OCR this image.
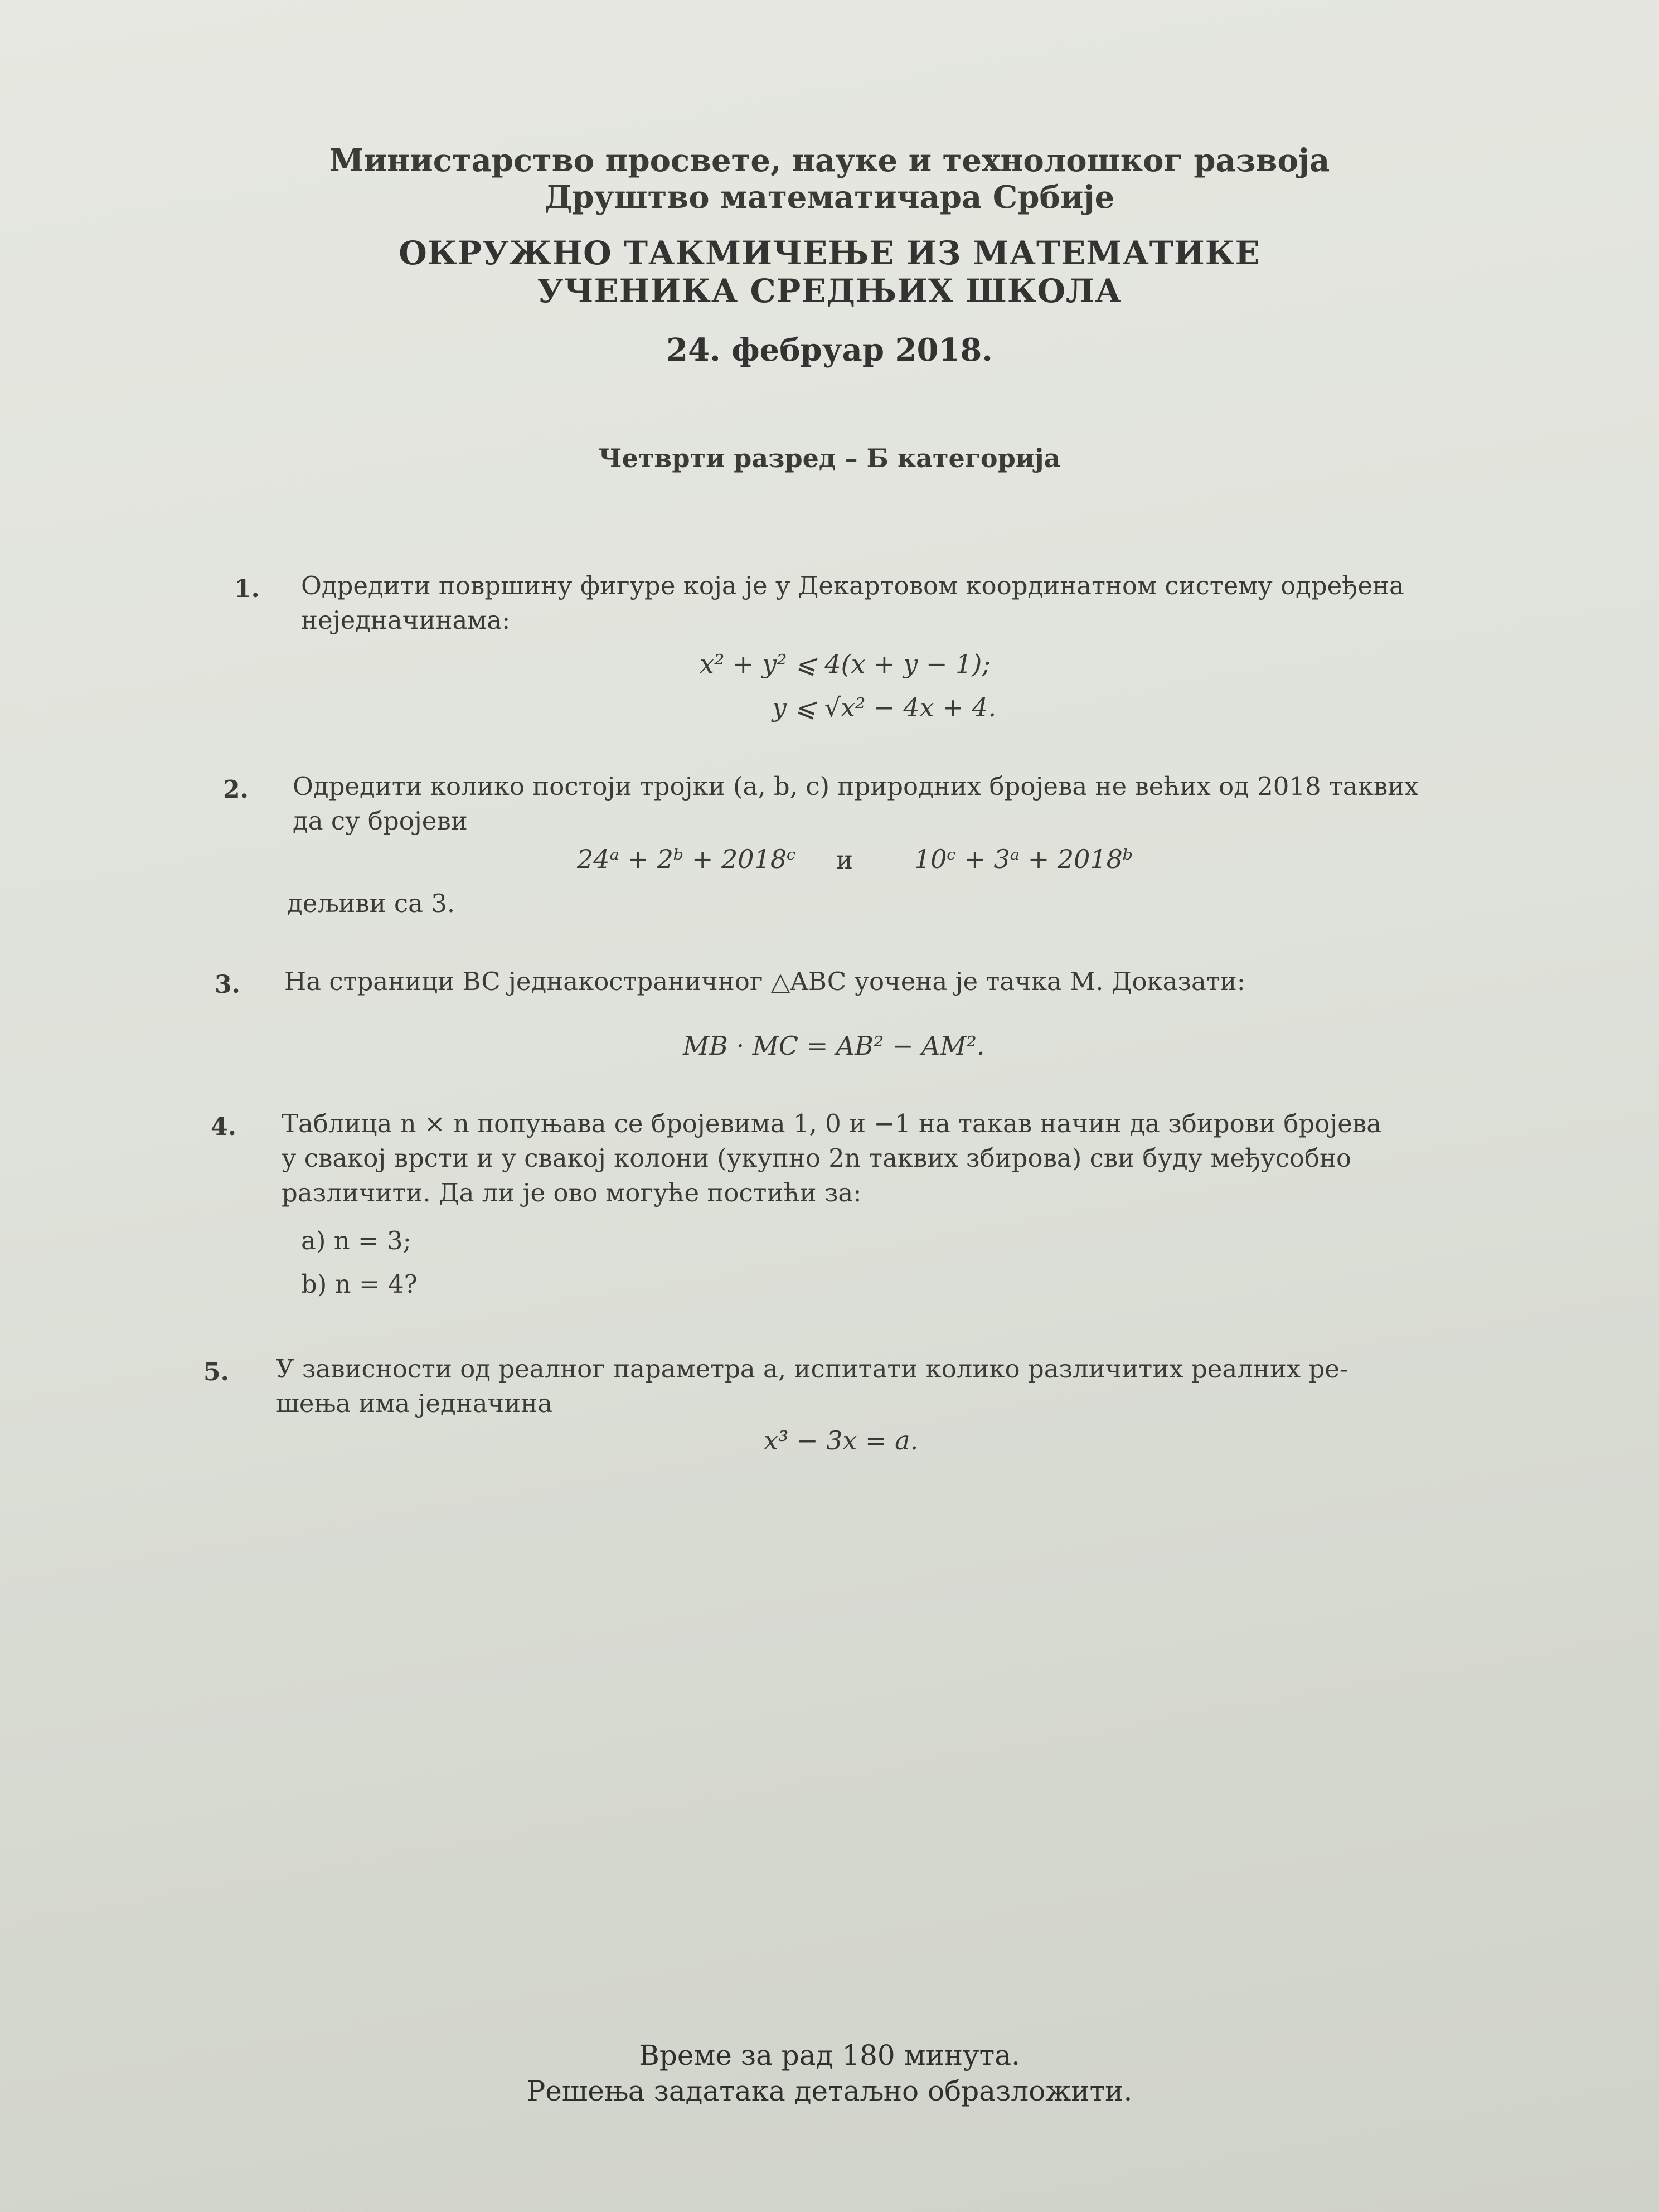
Министарство просвете, науке и технолошког развоја
Друштво математичара Србије
ОКРУЖНО ТАКМИЧЕЊЕ ИЗ МАТЕМАТИКЕ
УЧЕНИКА СРЕДЊИХ ШКОЛА
24. фебруар 2018.
Четврти разред – Б категорија
1. Одредити површину фигуре која је у Декартовом координатном систему одређена
неједначинама:
x² + y² ⩽ 4(x + y − 1);
y ⩽ √x² − 4x + 4.
2. Одредити колико постоји тројки (a, b, c) природних бројева не већих од 2018 таквих
да су бројеви
24ᵃ + 2ᵇ + 2018ᶜ и 10ᶜ + 3ᵃ + 2018ᵇ
дељиви са 3.
3. На страници BC једнакостраничног △ABC уочена је тачка M. Доказати:
MB · MC = AB² − AM².
4. Таблица n × n попуњава се бројевима 1, 0 и −1 на такав начин да збирови бројева
у свакој врсти и у свакој колони (укупно 2n таквих збирова) сви буду међусобно
различити. Да ли је ово могуће постићи за:
a) n = 3;
b) n = 4?
5. У зависности од реалног параметра a, испитати колико различитих реалних ре-
шења има једначина
x³ − 3x = a.
Време за рад 180 минута.
Решења задатака детаљно образложити.
